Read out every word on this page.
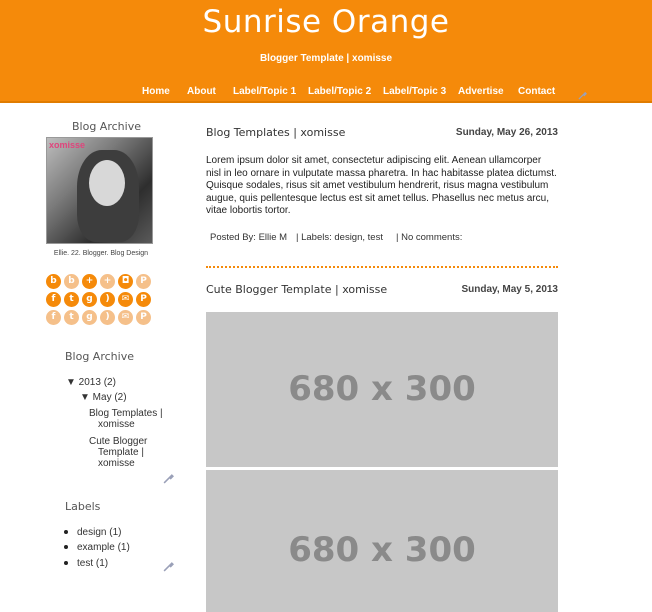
Sunrise Orange
Blogger Template | xomisse
Home About Label/Topic 1 Label/Topic 2 Label/Topic 3 Advertise Contact
Blog Archive
xomisse
Ellie. 22. Blogger. Blog Design
b	b	+	+	◘	P
f	t	g	)	✉	P
f	t	g	)	✉	P
Blog Archive
▼ 2013 (2)
▼ May (2)
Blog Templates |
xomisse
Cute Blogger
Template |
xomisse
Labels
design (1)
example (1)
test (1)
Blog Templates | xomisse	Sunday, May 26, 2013
Lorem ipsum dolor sit amet, consectetur adipiscing elit. Aenean ullamcorper nisl in leo ornare in vulputate massa pharetra. In hac habitasse platea dictumst. Quisque sodales, risus sit amet vestibulum hendrerit, risus magna vestibulum augue, quis pellentesque lectus est sit amet tellus. Phasellus nec metus arcu, vitae lobortis tortor.
Posted By: Ellie M | Labels: design, test | No comments:
Cute Blogger Template | xomisse	Sunday, May 5, 2013
680 x 300
680 x 300
